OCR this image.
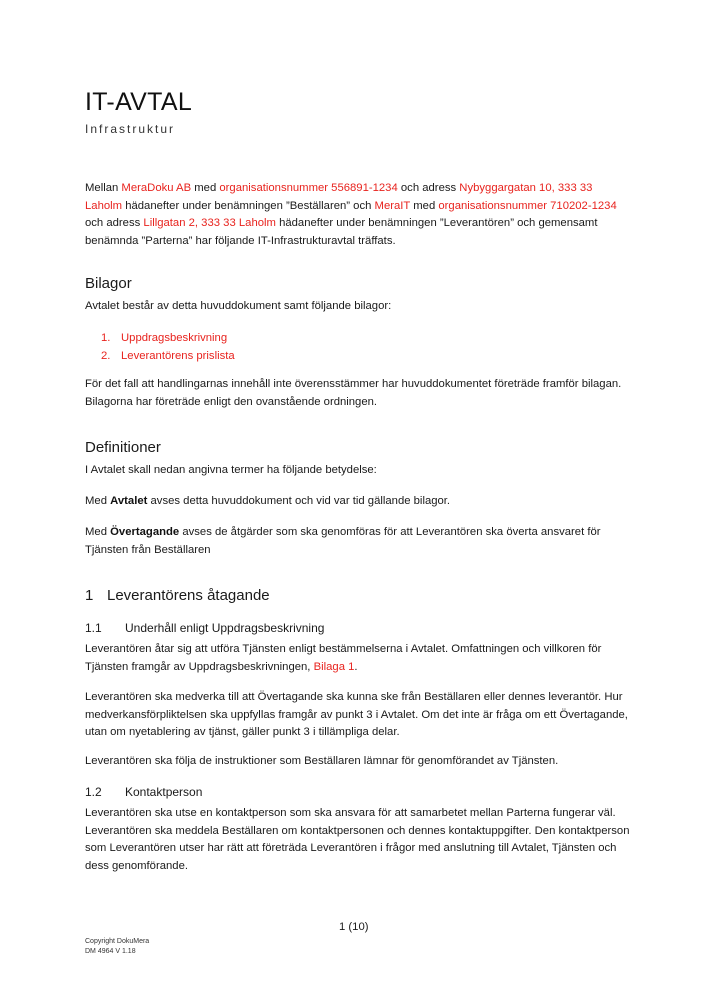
IT-AVTAL
Infrastruktur

Mellan MeraDoku AB med organisationsnummer 556891-1234 och adress Nybyggargatan 10, 333 33 Laholm hädanefter under benämningen ”Beställaren” och MeraIT med organisationsnummer 710202-1234 och adress Lillgatan 2, 333 33 Laholm hädanefter under benämningen ”Leverantören” och gemensamt benämnda ”Parterna” har följande IT-Infrastrukturavtal träffats.

Bilagor

Avtalet består av detta huvuddokument samt följande bilagor:

1. Uppdragsbeskrivning
2. Leverantörens prislista

För det fall att handlingarnas innehåll inte överensstämmer har huvuddokumentet företräde framför bilagan. Bilagorna har företräde enligt den ovanstående ordningen.

Definitioner

I Avtalet skall nedan angivna termer ha följande betydelse:

Med Avtalet avses detta huvuddokument och vid var tid gällande bilagor.

Med Övertagande avses de åtgärder som ska genomföras för att Leverantören ska överta ansvaret för Tjänsten från Beställaren

1 Leverantörens åtagande
1.1 Underhåll enligt Uppdragsbeskrivning

Leverantören åtar sig att utföra Tjänsten enligt bestämmelserna i Avtalet. Omfattningen och villkoren för Tjänsten framgår av Uppdragsbeskrivningen, Bilaga 1.

Leverantören ska medverka till att Övertagande ska kunna ske från Beställaren eller dennes leverantör. Hur medverkansförpliktelsen ska uppfyllas framgår av punkt 3 i Avtalet. Om det inte är fråga om ett Övertagande, utan om nyetablering av tjänst, gäller punkt 3 i tillämpliga delar.

Leverantören ska följa de instruktioner som Beställaren lämnar för genomförandet av Tjänsten.

1.2 Kontaktperson

Leverantören ska utse en kontaktperson som ska ansvara för att samarbetet mellan Parterna fungerar väl. Leverantören ska meddela Beställaren om kontaktpersonen och dennes kontaktuppgifter. Den kontaktperson som Leverantören utser har rätt att företräda Leverantören i frågor med anslutning till Avtalet, Tjänsten och dess genomförande.

1 (10)
Copyright DokuMera
DM 4964 V 1.18
